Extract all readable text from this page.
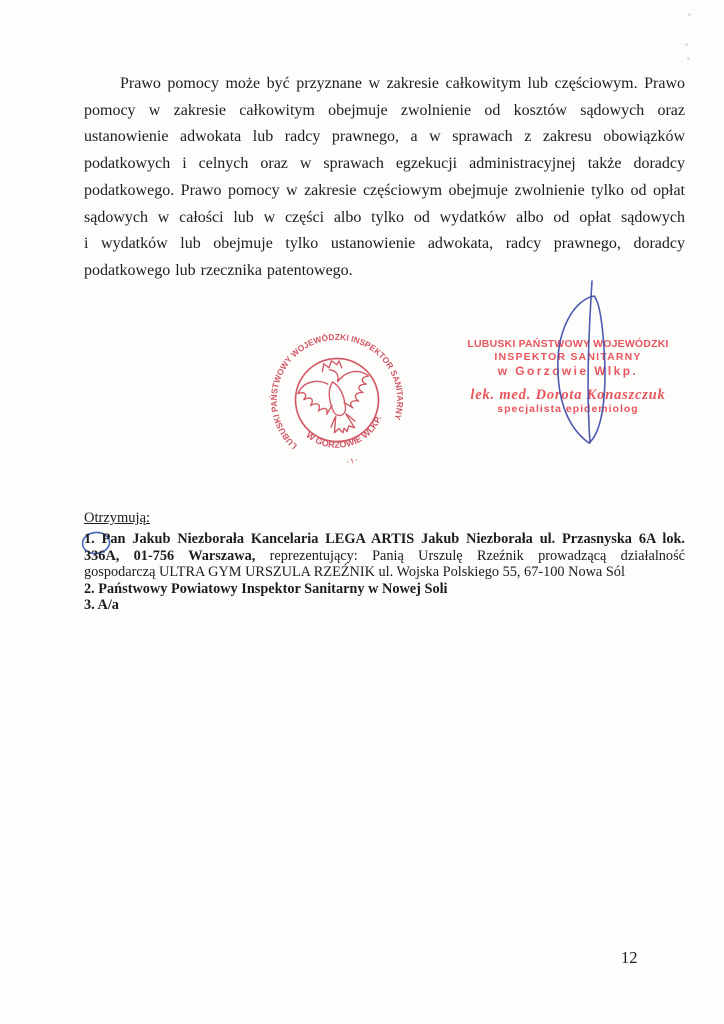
Prawo pomocy może być przyznane w zakresie całkowitym lub częściowym. Prawo
pomocy w zakresie całkowitym obejmuje zwolnienie od kosztów sądowych oraz
ustanowienie adwokata lub radcy prawnego, a w sprawach z zakresu obowiązków
podatkowych i celnych oraz w sprawach egzekucji administracyjnej także doradcy
podatkowego. Prawo pomocy w zakresie częściowym obejmuje zwolnienie tylko od opłat
sądowych w całości lub w części albo tylko od wydatków albo od opłat sądowych
i wydatków lub obejmuje tylko ustanowienie adwokata, radcy prawnego, doradcy
podatkowego lub rzecznika patentowego.
LUBUSKI PAŃSTWOWY WOJEWÓDZKI INSPEKTOR SANITARNY
W GORZOWIE WLKP.
· ! ·
LUBUSKI PAŃSTWOWY WOJEWÓDZKI
INSPEKTOR SANITARNY
w Gorzowie Wlkp.
lek. med. Dorota Konaszczuk
specjalista epidemiolog
Otrzymują:
1. Pan Jakub Niezborała Kancelaria LEGA ARTIS Jakub Niezborała ul. Przasnyska 6A lok.
336A, 01-756 Warszawa, reprezentujący: Panią Urszulę Rzeźnik prowadzącą działalność
gospodarczą ULTRA GYM URSZULA RZEŹNIK ul. Wojska Polskiego 55, 67-100 Nowa Sól
2. Państwowy Powiatowy Inspektor Sanitarny w Nowej Soli
3. A/a
12
